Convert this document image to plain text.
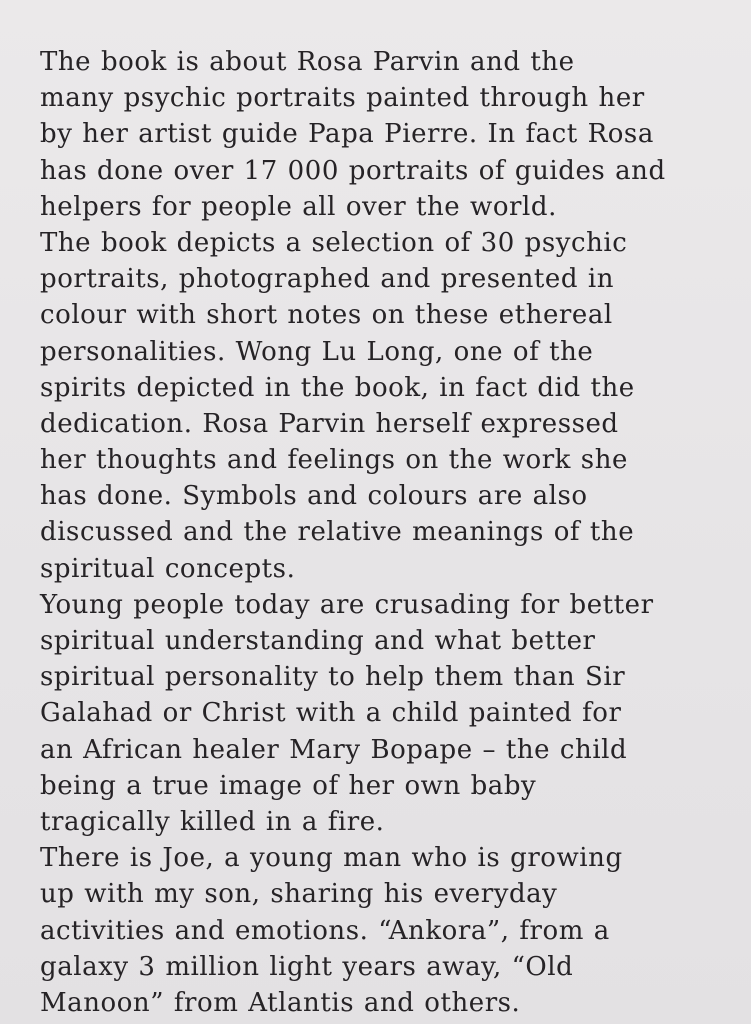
The book is about Rosa Parvin and the
many psychic portraits painted through her
by her artist guide Papa Pierre. In fact Rosa
has done over 17 000 portraits of guides and
helpers for people all over the world.
The book depicts a selection of 30 psychic
portraits, photographed and presented in
colour with short notes on these ethereal
personalities. Wong Lu Long, one of the
spirits depicted in the book, in fact did the
dedication. Rosa Parvin herself expressed
her thoughts and feelings on the work she
has done. Symbols and colours are also
discussed and the relative meanings of the
spiritual concepts.
Young people today are crusading for better
spiritual understanding and what better
spiritual personality to help them than Sir
Galahad or Christ with a child painted for
an African healer Mary Bopape – the child
being a true image of her own baby
tragically killed in a fire.
There is Joe, a young man who is growing
up with my son, sharing his everyday
activities and emotions. “Ankora”, from a
galaxy 3 million light years away, “Old
Manoon” from Atlantis and others.
